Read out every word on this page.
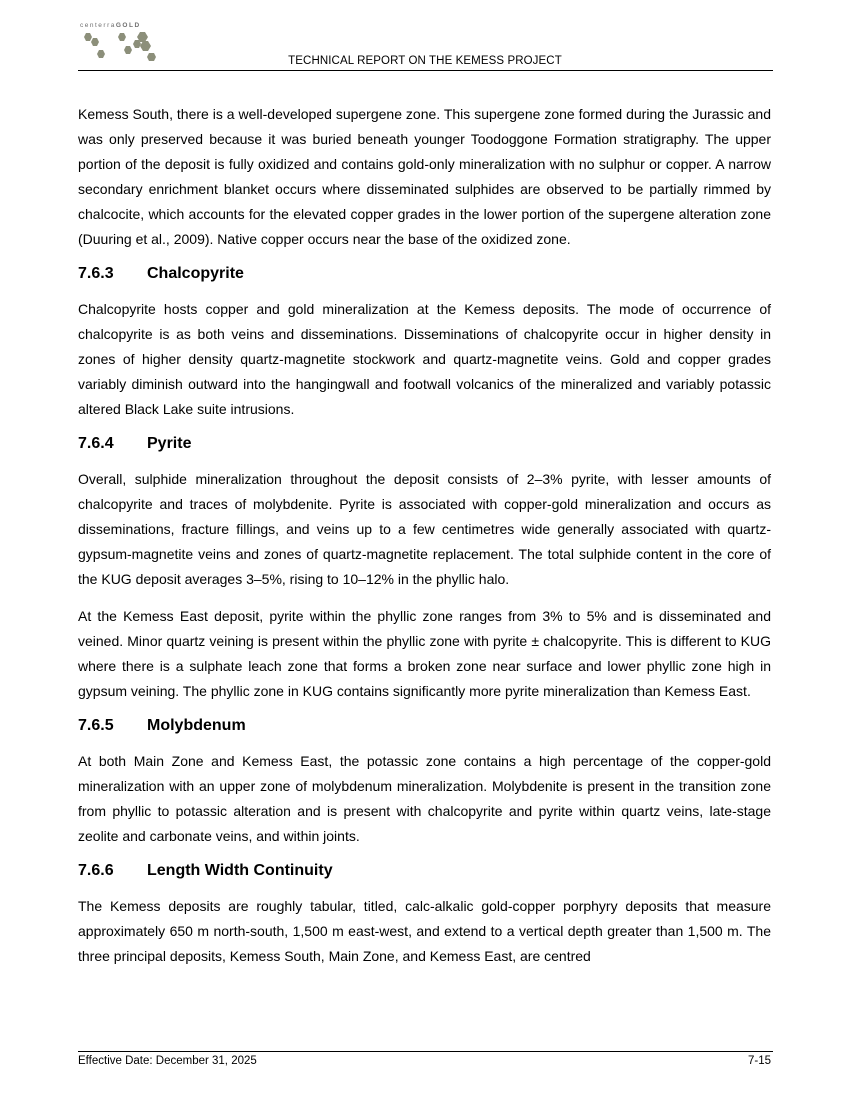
centerraGOLD
TECHNICAL REPORT ON THE KEMESS PROJECT

Kemess South, there is a well-developed supergene zone. This supergene zone formed during the Jurassic and was only preserved because it was buried beneath younger Toodoggone Formation stratigraphy. The upper portion of the deposit is fully oxidized and contains gold-only mineralization with no sulphur or copper. A narrow secondary enrichment blanket occurs where disseminated sulphides are observed to be partially rimmed by chalcocite, which accounts for the elevated copper grades in the lower portion of the supergene alteration zone (Duuring et al., 2009). Native copper occurs near the base of the oxidized zone.

7.6.3 Chalcopyrite

Chalcopyrite hosts copper and gold mineralization at the Kemess deposits. The mode of occurrence of chalcopyrite is as both veins and disseminations. Disseminations of chalcopyrite occur in higher density in zones of higher density quartz-magnetite stockwork and quartz-magnetite veins. Gold and copper grades variably diminish outward into the hangingwall and footwall volcanics of the mineralized and variably potassic altered Black Lake suite intrusions.

7.6.4 Pyrite

Overall, sulphide mineralization throughout the deposit consists of 2–3% pyrite, with lesser amounts of chalcopyrite and traces of molybdenite. Pyrite is associated with copper-gold mineralization and occurs as disseminations, fracture fillings, and veins up to a few centimetres wide generally associated with quartz-gypsum-magnetite veins and zones of quartz-magnetite replacement. The total sulphide content in the core of the KUG deposit averages 3–5%, rising to 10–12% in the phyllic halo.

At the Kemess East deposit, pyrite within the phyllic zone ranges from 3% to 5% and is disseminated and veined. Minor quartz veining is present within the phyllic zone with pyrite ± chalcopyrite. This is different to KUG where there is a sulphate leach zone that forms a broken zone near surface and lower phyllic zone high in gypsum veining. The phyllic zone in KUG contains significantly more pyrite mineralization than Kemess East.

7.6.5 Molybdenum

At both Main Zone and Kemess East, the potassic zone contains a high percentage of the copper-gold mineralization with an upper zone of molybdenum mineralization. Molybdenite is present in the transition zone from phyllic to potassic alteration and is present with chalcopyrite and pyrite within quartz veins, late-stage zeolite and carbonate veins, and within joints.

7.6.6 Length Width Continuity

The Kemess deposits are roughly tabular, titled, calc-alkalic gold-copper porphyry deposits that measure approximately 650 m north-south, 1,500 m east-west, and extend to a vertical depth greater than 1,500 m. The three principal deposits, Kemess South, Main Zone, and Kemess East, are centred

Effective Date: December 31, 2025	7-15
